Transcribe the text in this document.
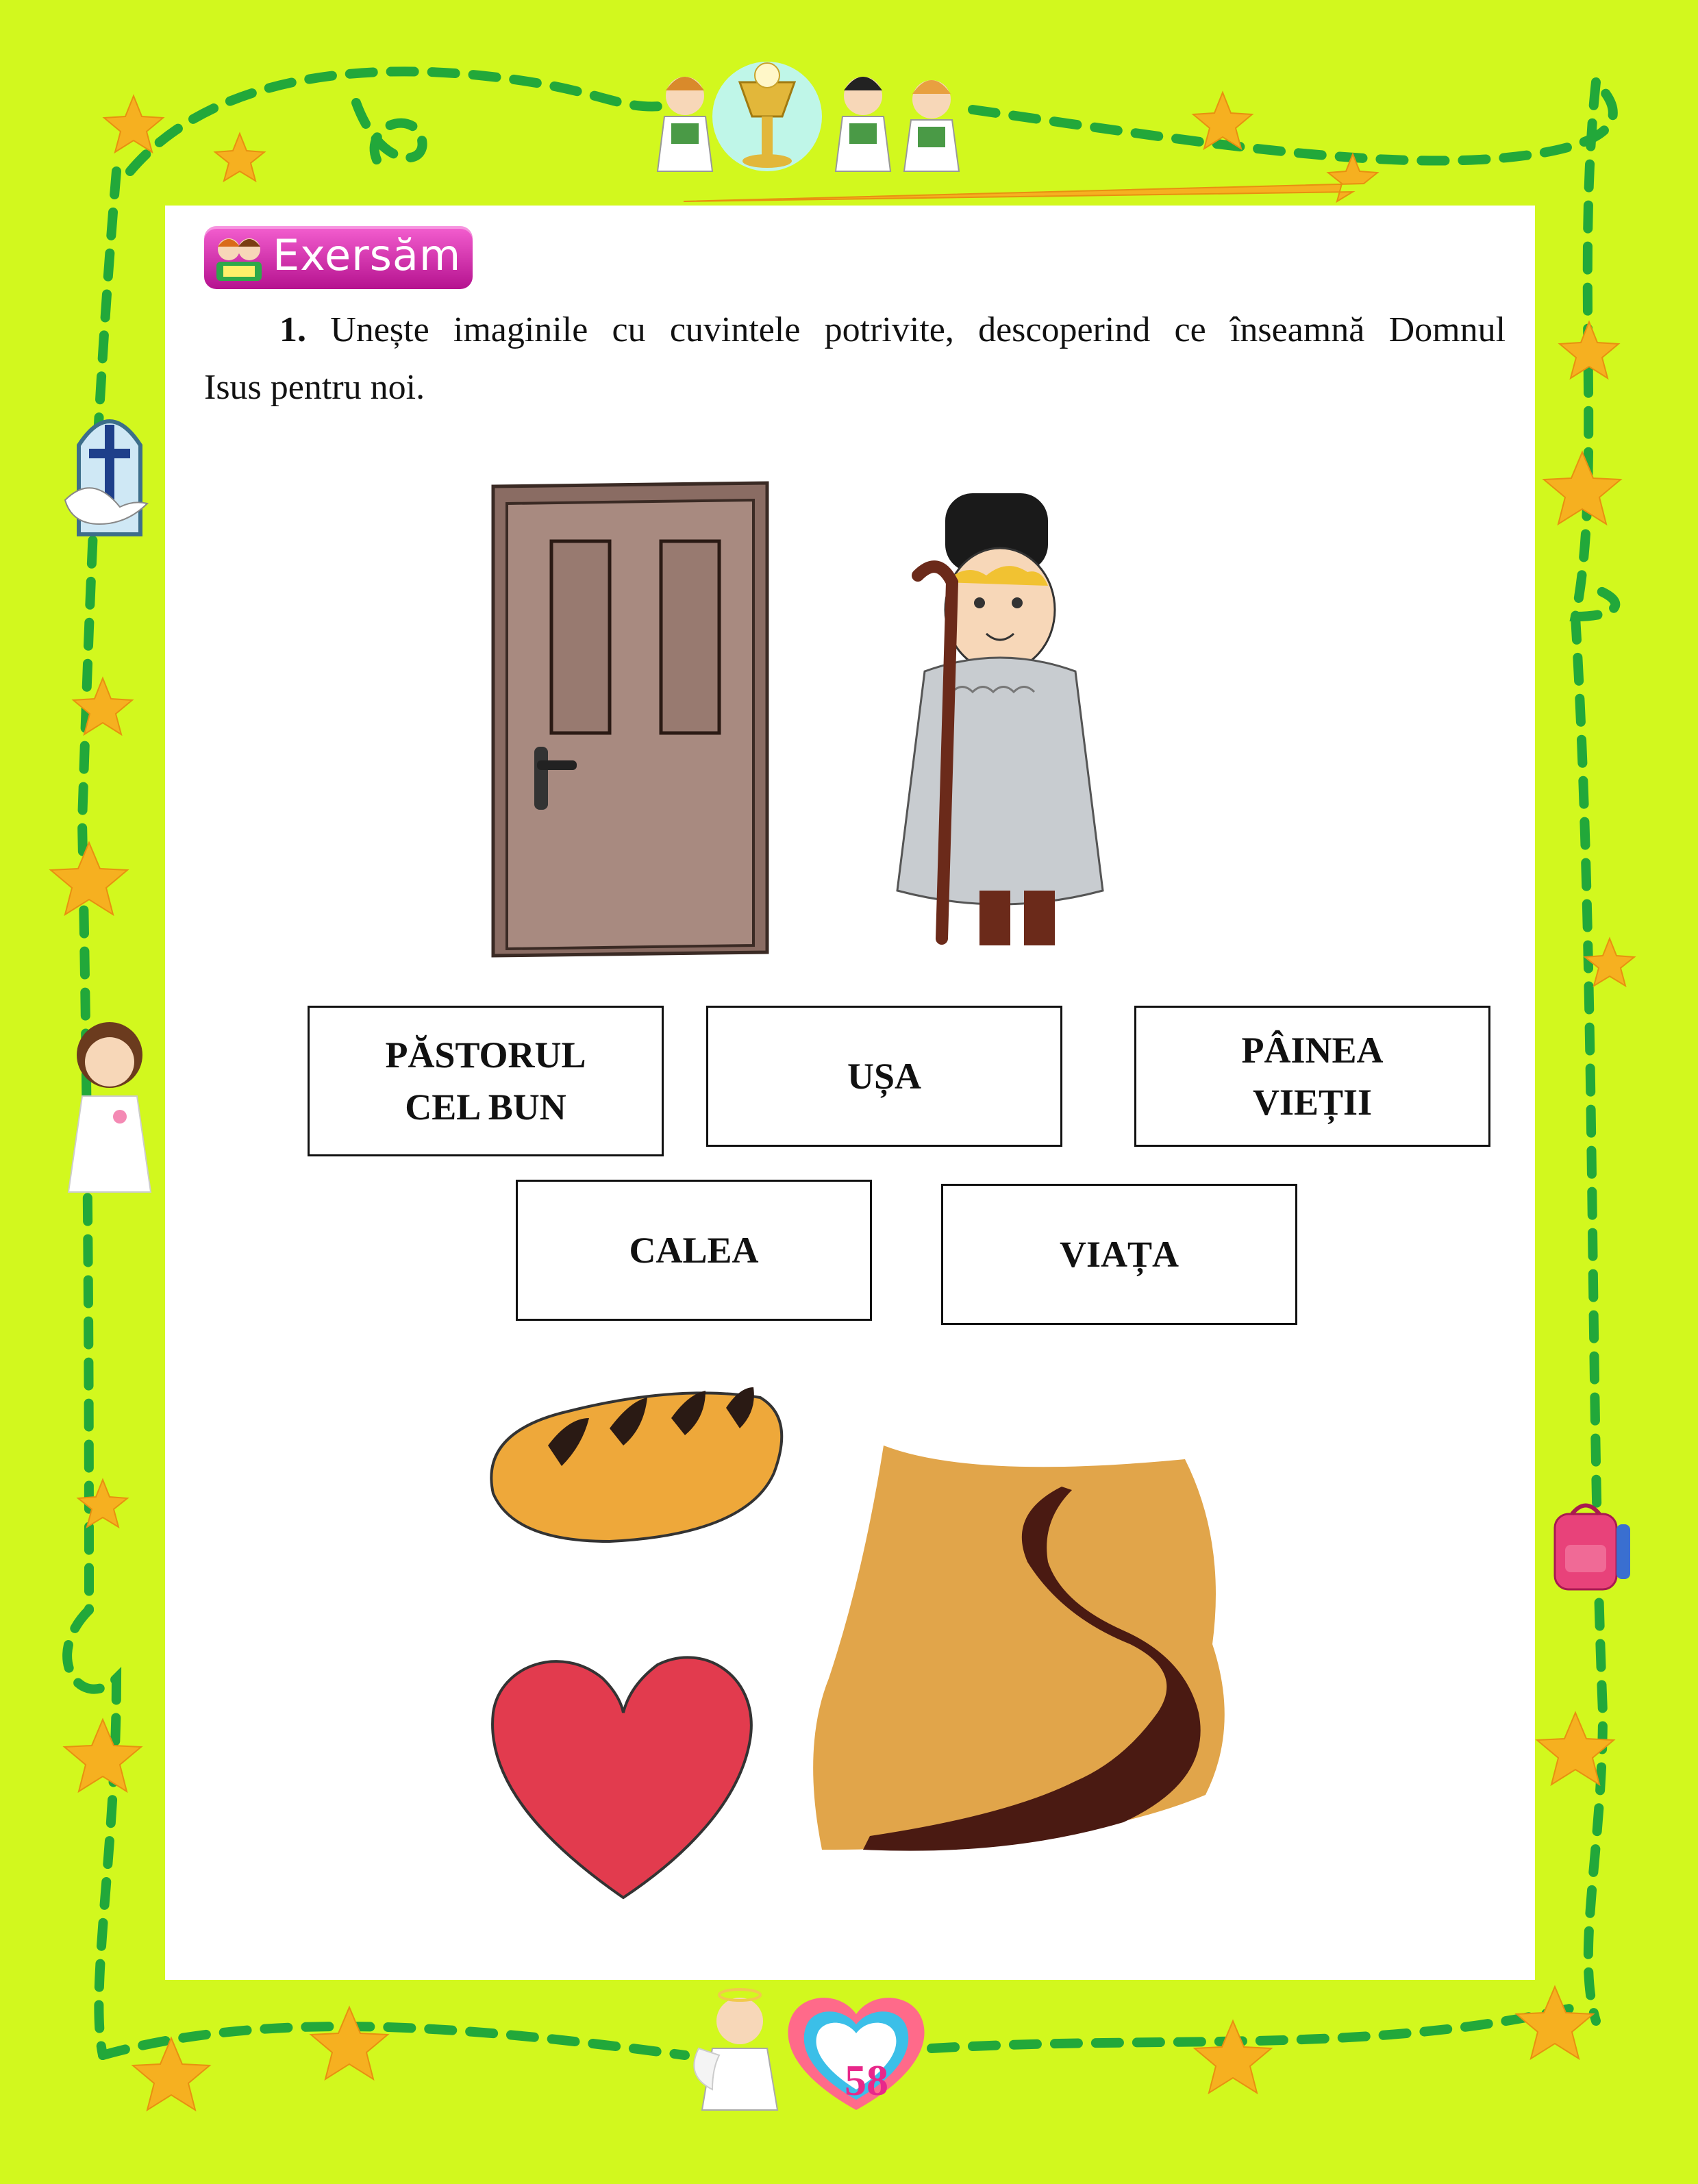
Exersăm
1. Unește imaginile cu cuvintele potrivite, descoperind ce înseamnă Domnul
Isus pentru noi.
PĂSTORUL
CEL BUN
UȘA
PÂINEA
VIEȚII
CALEA	VIAȚA
58
